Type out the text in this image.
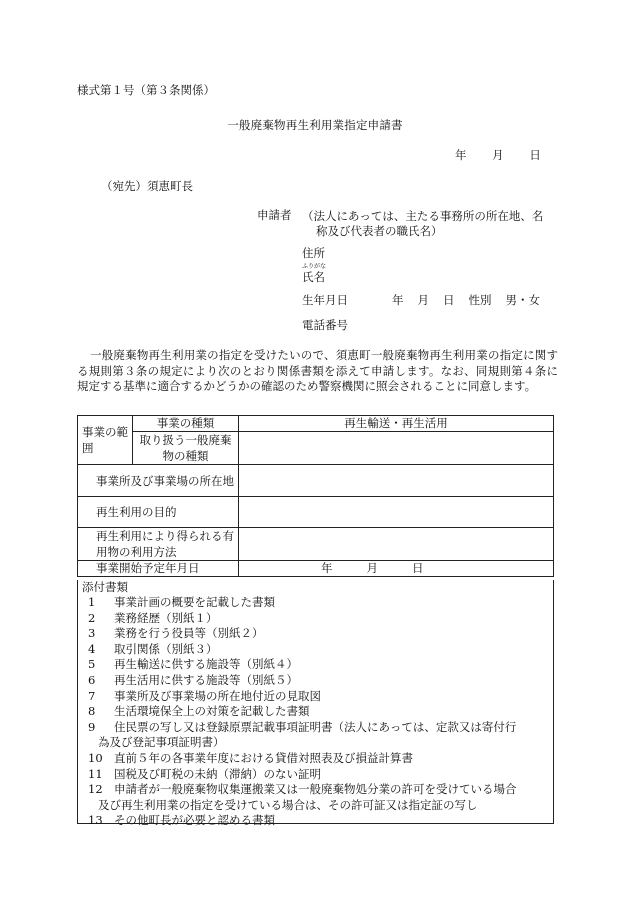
様式第１号（第３条関係）
一般廃棄物再生利用業指定申請書
年 月 日
（宛先）須恵町長
申請者 （法人にあっては、主たる事務所の所在地、名
称及び代表者の職氏名）
住所
ふりがな
氏名
生年月日	年 月 日 性別 男・女
電話番号
一般廃棄物再生利用業の指定を受けたいので、須恵町一般廃棄物再生利用業の指定に関する規則第３条の規定により次のとおり関係書類を添えて申請します。なお、同規則第４条に規定する基準に適合するかどうかの確認のため警察機関に照会されることに同意します。
事業の範囲	事業の種類	再生輸送・再生活用
	取り扱う一般廃棄物の種類	
事業所及び事業場の所在地		
再生利用の目的		
再生利用により得られる有用物の利用方法		
事業開始予定年月日		年 月 日
添付書類
1	事業計画の概要を記載した書類
2	業務経歴（別紙１）
3	業務を行う役員等（別紙２）
4	取引関係（別紙３）
5	再生輸送に供する施設等（別紙４）
6	再生活用に供する施設等（別紙５）
7	事業所及び事業場の所在地付近の見取図
8	生活環境保全上の対策を記載した書類
9	住民票の写し又は登録原票記載事項証明書（法人にあっては、定款又は寄付行
為及び登記事項証明書）
10 直前５年の各事業年度における貸借対照表及び損益計算書
11 国税及び町税の未納（滞納）のない証明
12 申請者が一般廃棄物収集運搬業又は一般廃棄物処分業の許可を受けている場合
及び再生利用業の指定を受けている場合は、その許可証又は指定証の写し
13 その他町長が必要と認める書類
